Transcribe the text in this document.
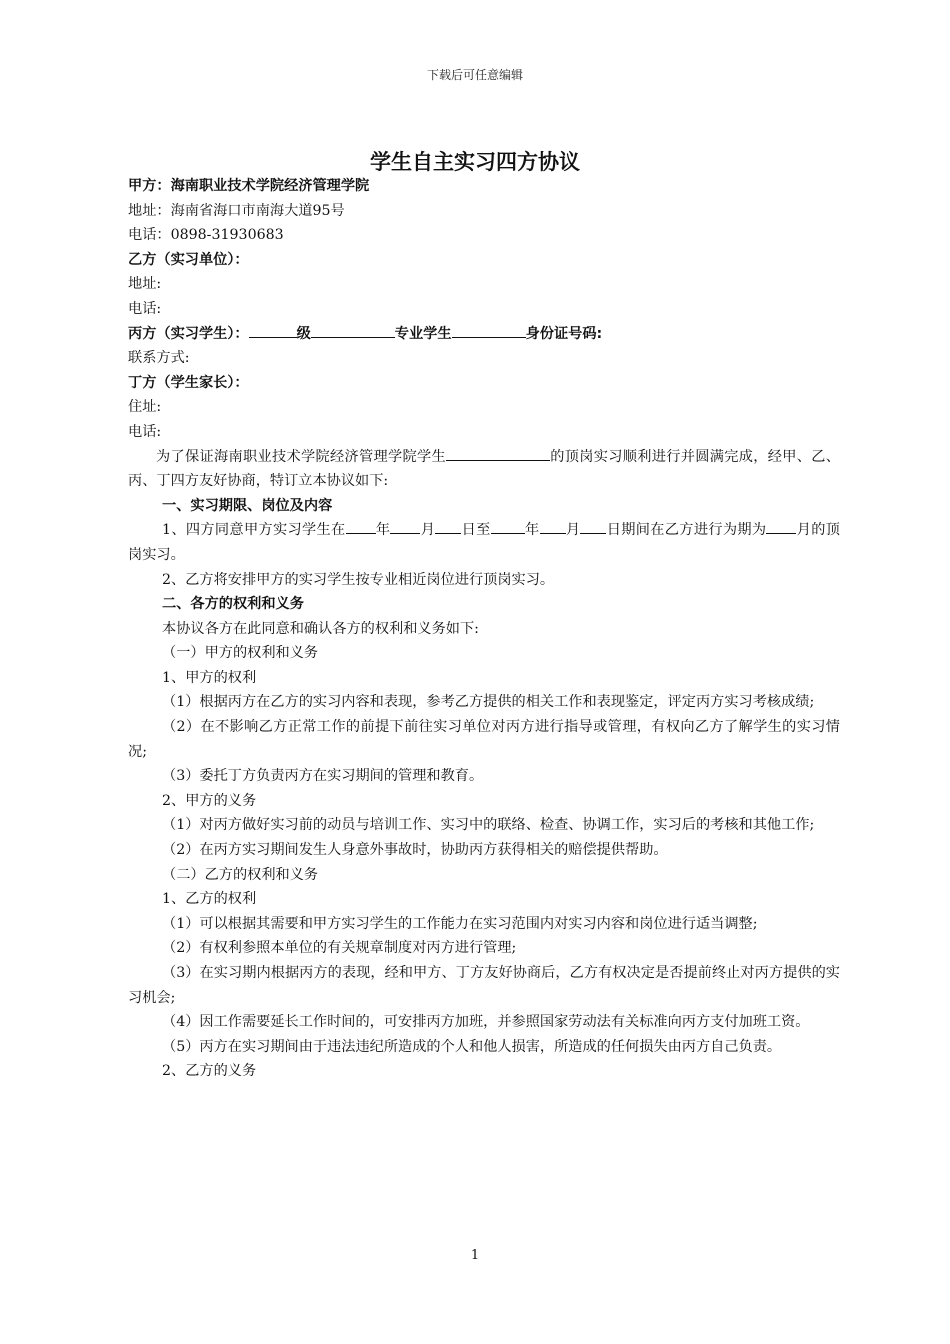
下载后可任意编辑
学生自主实习四方协议

甲方：海南职业技术学院经济管理学院

地址：海南省海口市南海大道95号

电话：0898-31930683

乙方（实习单位）：

地址:

电话:

丙方（实习学生）：	级	专业学生	身份证号码:

联系方式:

丁方（学生家长）：

住址:

电话:

为了保证海南职业技术学院经济管理学院学生	的顶岗实习顺利进行并圆满完成，经甲、乙、丙、丁四方友好协商，特订立本协议如下:

一、实习期限、岗位及内容

1、四方同意甲方实习学生在 年 月 日至 年 月 日期间在乙方进行为期为 月的顶岗实习。

2、乙方将安排甲方的实习学生按专业相近岗位进行顶岗实习。

二、各方的权利和义务

本协议各方在此同意和确认各方的权利和义务如下:

（一）甲方的权利和义务

1、甲方的权利

（1）根据丙方在乙方的实习内容和表现，参考乙方提供的相关工作和表现鉴定，评定丙方实习考核成绩;

（2）在不影响乙方正常工作的前提下前往实习单位对丙方进行指导或管理，有权向乙方了解学生的实习情况;

（3）委托丁方负责丙方在实习期间的管理和教育。

2、甲方的义务

（1）对丙方做好实习前的动员与培训工作、实习中的联络、检查、协调工作，实习后的考核和其他工作;

（2）在丙方实习期间发生人身意外事故时，协助丙方获得相关的赔偿提供帮助。

（二）乙方的权利和义务

1、乙方的权利

（1）可以根据其需要和甲方实习学生的工作能力在实习范围内对实习内容和岗位进行适当调整;

（2）有权利参照本单位的有关规章制度对丙方进行管理;

（3）在实习期内根据丙方的表现，经和甲方、丁方友好协商后，乙方有权决定是否提前终止对丙方提供的实习机会;

（4）因工作需要延长工作时间的，可安排丙方加班，并参照国家劳动法有关标准向丙方支付加班工资。

（5）丙方在实习期间由于违法违纪所造成的个人和他人损害，所造成的任何损失由丙方自己负责。

2、乙方的义务

1
